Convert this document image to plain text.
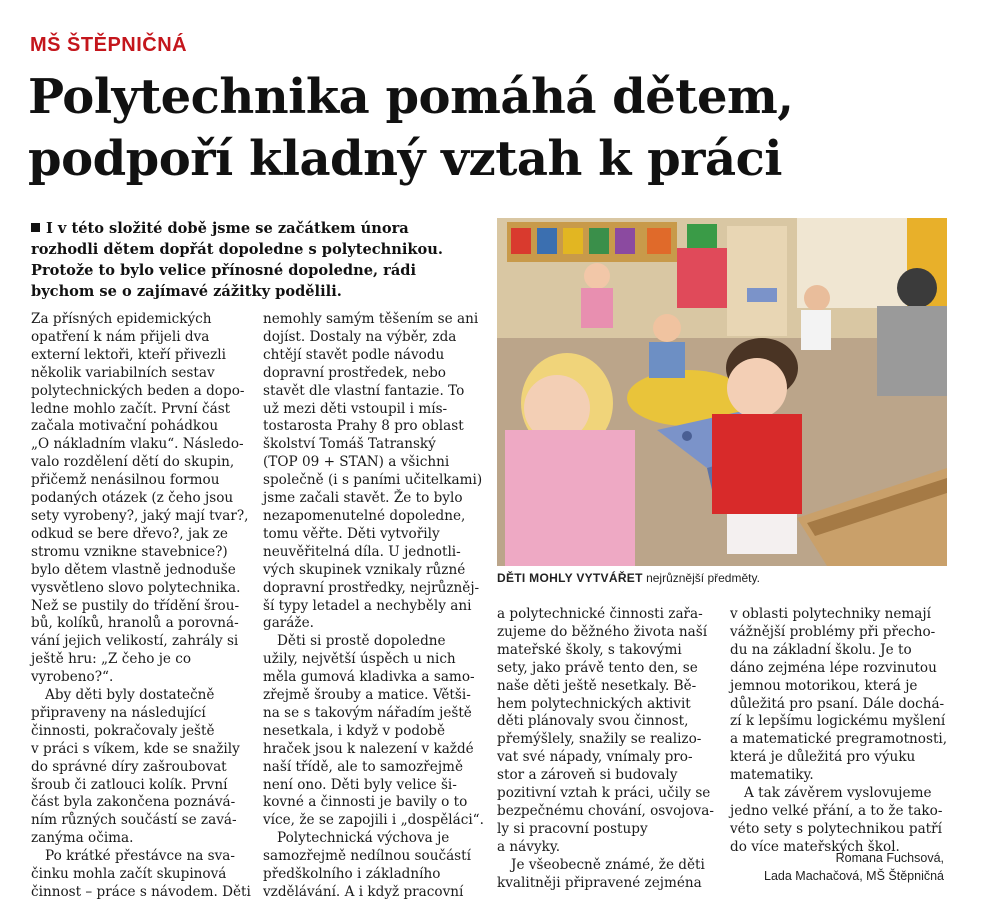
MŠ ŠTĚPNIČNÁ
Polytechnika pomáhá dětem,
podpoří kladný vztah k práci
I v této složité době jsme se začátkem února rozhodli dětem dopřát dopoledne s polytechnikou. Protože to bylo velice přínosné dopoledne, rádi bychom se o zajímavé zážitky podělili.
DĚTI MOHLY VYTVÁŘET nejrůznější předměty.
Za přísných epidemických
opatření k nám přijeli dva
externí lektoři, kteří přivezli
několik variabilních sestav
polytechnických beden a dopo-
ledne mohlo začít. První část
začala motivační pohádkou
„O nákladním vlaku“. Následo-
valo rozdělení dětí do skupin,
přičemž nenásilnou formou
podaných otázek (z čeho jsou
sety vyrobeny?, jaký mají tvar?,
odkud se bere dřevo?, jak ze
stromu vznikne stavebnice?)
bylo dětem vlastně jednoduše
vysvětleno slovo polytechnika.
Než se pustily do třídění šrou-
bů, kolíků, hranolů a porovná-
vání jejich velikostí, zahrály si
ještě hru: „Z čeho je co
vyrobeno?“.
Aby děti byly dostatečně
připraveny na následující
činnosti, pokračovaly ještě
v práci s víkem, kde se snažily
do správné díry zašroubovat
šroub či zatlouci kolík. První
část byla zakončena poznává-
ním různých součástí se zavá-
zanýma očima.
Po krátké přestávce na sva-
činku mohla začít skupinová
činnost – práce s návodem. Děti
nemohly samým těšením se ani
dojíst. Dostaly na výběr, zda
chtějí stavět podle návodu
dopravní prostředek, nebo
stavět dle vlastní fantazie. To
už mezi děti vstoupil i mís-
tostarosta Prahy 8 pro oblast
školství Tomáš Tatranský
(TOP 09 + STAN) a všichni
společně (i s paními učitelkami)
jsme začali stavět. Že to bylo
nezapomenutelné dopoledne,
tomu věřte. Děti vytvořily
neuvěřitelná díla. U jednotli-
vých skupinek vznikaly různé
dopravní prostředky, nejrůzněj-
ší typy letadel a nechyběly ani
garáže.
Děti si prostě dopoledne
užily, největší úspěch u nich
měla gumová kladivka a samo-
zřejmě šrouby a matice. Větši-
na se s takovým nářadím ještě
nesetkala, i když v podobě
hraček jsou k nalezení v každé
naší třídě, ale to samozřejmě
není ono. Děti byly velice ši-
kovné a činnosti je bavily o to
více, že se zapojili i „dospěláci“.
Polytechnická výchova je
samozřejmě nedílnou součástí
předškolního i základního
vzdělávání. A i když pracovní
a polytechnické činnosti zařa-
zujeme do běžného života naší
mateřské školy, s takovými
sety, jako právě tento den, se
naše děti ještě nesetkaly. Bě-
hem polytechnických aktivit
děti plánovaly svou činnost,
přemýšlely, snažily se realizo-
vat své nápady, vnímaly pro-
stor a zároveň si budovaly
pozitivní vztah k práci, učily se
bezpečnému chování, osvojova-
ly si pracovní postupy
a návyky.
Je všeobecně známé, že děti
kvalitněji připravené zejména
v oblasti polytechniky nemají
vážnější problémy při přecho-
du na základní školu. Je to
dáno zejména lépe rozvinutou
jemnou motorikou, která je
důležitá pro psaní. Dále dochá-
zí k lepšímu logickému myšlení
a matematické pregramotnosti,
která je důležitá pro výuku
matematiky.
A tak závěrem vyslovujeme
jedno velké přání, a to že tako-
véto sety s polytechnikou patří
do více mateřských škol.
Romana Fuchsová,
Lada Machačová, MŠ Štěpničná
